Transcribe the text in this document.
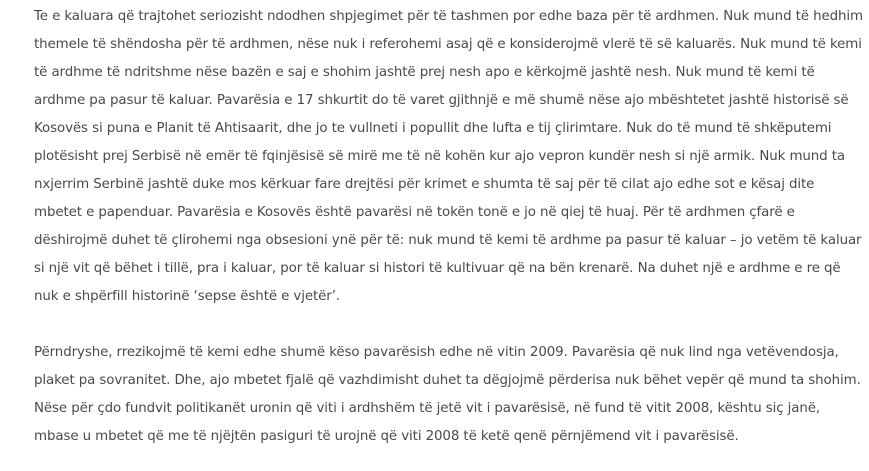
Te e kaluara që trajtohet seriozisht ndodhen shpjegimet për të tashmen por edhe baza për të ardhmen. Nuk mund të hedhim themele të shëndosha për të ardhmen, nëse nuk i referohemi asaj që e konsiderojmë vlerë të së kaluarës. Nuk mund të kemi të ardhme të ndritshme nëse bazën e saj e shohim jashtë prej nesh apo e kërkojmë jashtë nesh. Nuk mund të kemi të ardhme pa pasur të kaluar. Pavarësia e 17 shkurtit do të varet gjithnjë e më shumë nëse ajo mbështetet jashtë historisë së Kosovës si puna e Planit të Ahtisaarit, dhe jo te vullneti i popullit dhe lufta e tij çlirimtare. Nuk do të mund të shkëputemi plotësisht prej Serbisë në emër të fqinjësisë së mirë me të në kohën kur ajo vepron kundër nesh si një armik. Nuk mund ta nxjerrim Serbinë jashtë duke mos kërkuar fare drejtësi për krimet e shumta të saj për të cilat ajo edhe sot e kësaj dite mbetet e papenduar. Pavarësia e Kosovës është pavarësi në tokën tonë e jo në qiej të huaj. Për të ardhmen çfarë e dëshirojmë duhet të çlirohemi nga obsesioni ynë për të: nuk mund të kemi të ardhme pa pasur të kaluar – jo vetëm të kaluar si një vit që bëhet i tillë, pra i kaluar, por të kaluar si histori të kultivuar që na bën krenarë. Na duhet një e ardhme e re që nuk e shpërfill historinë ‘sepse është e vjetër’.

Përndryshe, rrezikojmë të kemi edhe shumë këso pavarësish edhe në vitin 2009. Pavarësia që nuk lind nga vetëvendosja, plaket pa sovranitet. Dhe, ajo mbetet fjalë që vazhdimisht duhet ta dëgjojmë përderisa nuk bëhet vepër që mund ta shohim. Nëse për çdo fundvit politikanët uronin që viti i ardhshëm të jetë vit i pavarësisë, në fund të vitit 2008, kështu siç janë, mbase u mbetet që me të njëjtën pasiguri të urojnë që viti 2008 të ketë qenë përnjëmend vit i pavarësisë.
